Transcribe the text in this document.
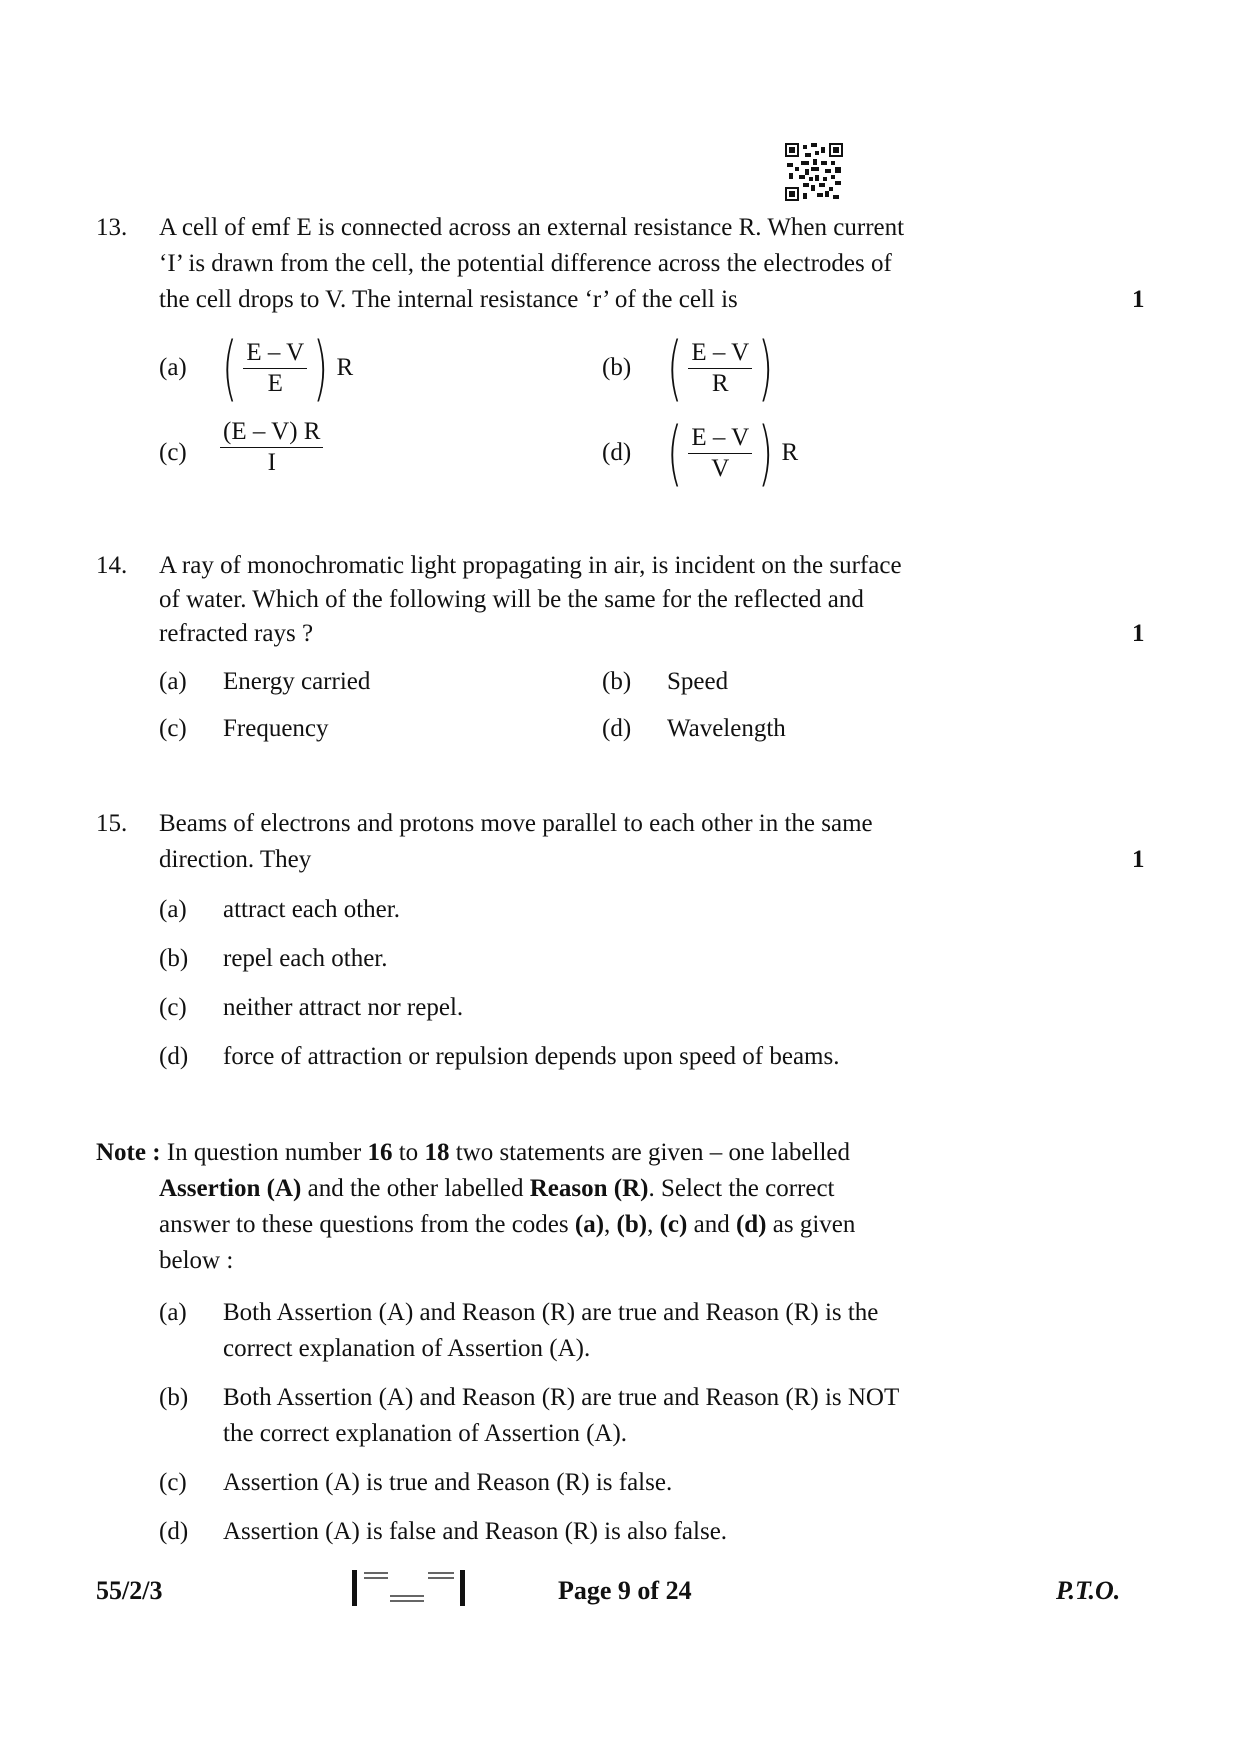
13.	A cell of emf E is connected across an external resistance R. When current
‘I’ is drawn from the cell, the potential difference across the electrodes of
the cell drops to V. The internal resistance ‘r’ of the cell is	1
(a) ( $\frac{E - V}{E}$ ) R	(b) ( $\frac{E - V}{R}$ )
$(c) \frac{(E - V) R}{I}$	(d) ( $\frac{E - V}{V}$ ) R
14.	A ray of monochromatic light propagating in air, is incident on the surface
of water. Which of the following will be the same for the reflected and
refracted rays ?	1
(a) Energy carried	(b) Speed
(c) Frequency	(d) Wavelength
15.	Beams of electrons and protons move parallel to each other in the same
direction. They	1
(a) attract each other.
(b) repel each other.
(c) neither attract nor repel.
(d) force of attraction or repulsion depends upon speed of beams.
Note : In question number 16 to 18 two statements are given – one labelled
Assertion (A) and the other labelled Reason (R). Select the correct
answer to these questions from the codes (a), (b), (c) and (d) as given
below :
(a) Both Assertion (A) and Reason (R) are true and Reason (R) is the
correct explanation of Assertion (A).
(b) Both Assertion (A) and Reason (R) are true and Reason (R) is NOT
the correct explanation of Assertion (A).
(c) Assertion (A) is true and Reason (R) is false.
(d) Assertion (A) is false and Reason (R) is also false.
55/2/3	Page 9 of 24	P.T.O.
